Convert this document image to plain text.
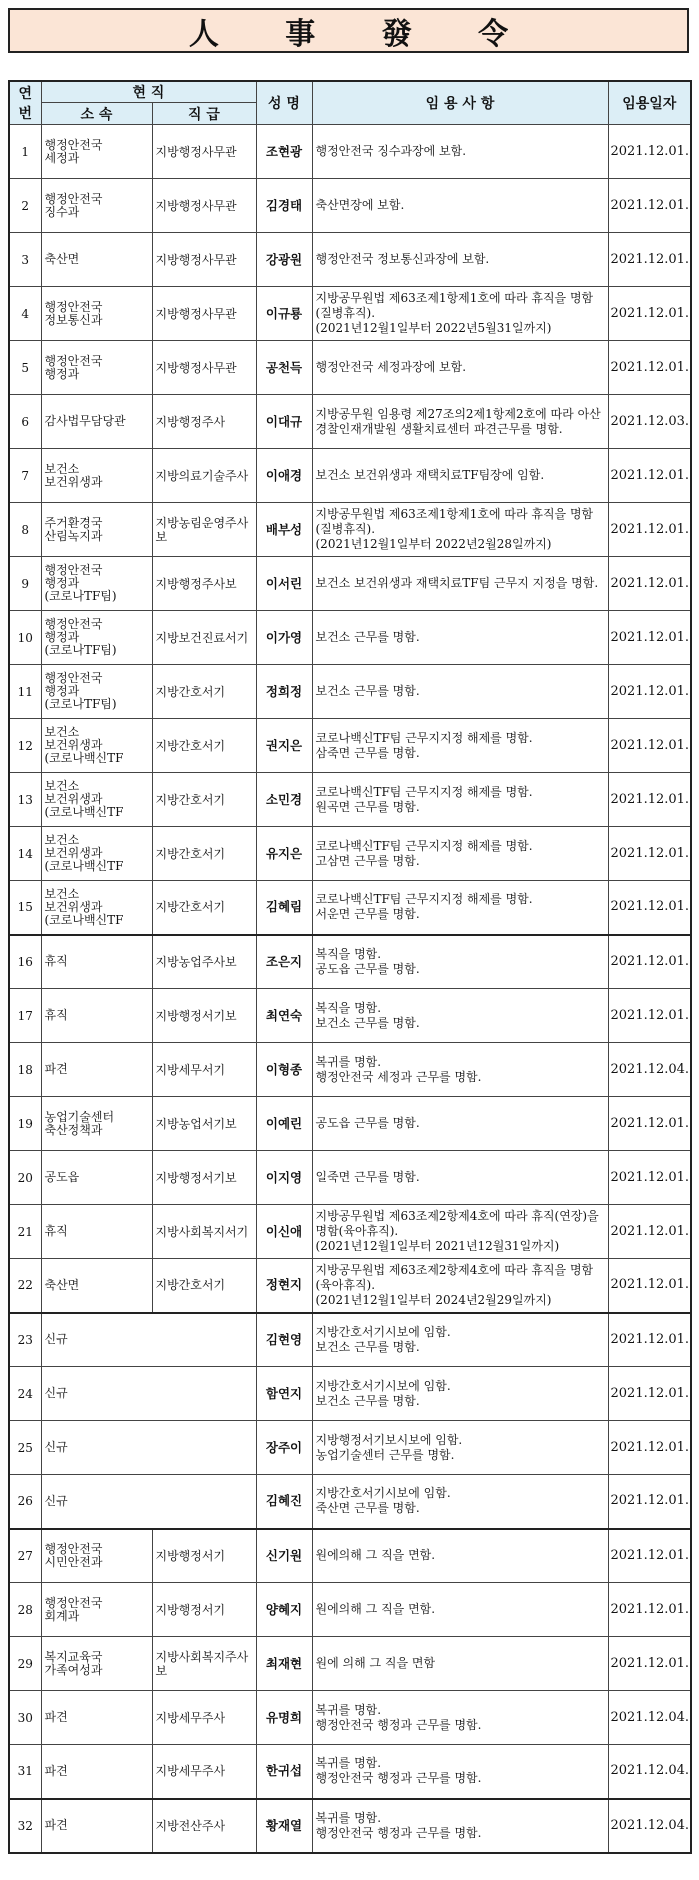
人 事 發 令
연번	현 직		성 명	임 용 사 항	임용일자
	소 속	직 급			
1	행정안전국
세정과	지방행정사무관	조현광	행정안전국 징수과장에 보함.	2021.12.01.
2	행정안전국
징수과	지방행정사무관	김경태	축산면장에 보함.	2021.12.01.
3	축산면	지방행정사무관	강광원	행정안전국 정보통신과장에 보함.	2021.12.01.
4	행정안전국
정보통신과	지방행정사무관	이규룡	지방공무원법 제63조제1항제1호에 따라 휴직을 명함(질병휴직).
(2021년12월1일부터 2022년5월31일까지)	2021.12.01.
5	행정안전국
행정과	지방행정사무관	공천득	행정안전국 세정과장에 보함.	2021.12.01.
6	감사법무담당관	지방행정주사	이대규	지방공무원 임용령 제27조의2제1항제2호에 따라 아산 경찰인재개발원 생활치료센터 파견근무를 명함.	2021.12.03.
7	보건소
보건위생과	지방의료기술주사	이애경	보건소 보건위생과 재택치료TF팀장에 임함.	2021.12.01.
8	주거환경국
산림녹지과	지방농림운영주사보	배부성	지방공무원법 제63조제1항제1호에 따라 휴직을 명함(질병휴직).
(2021년12월1일부터 2022년2월28일까지)	2021.12.01.
9	행정안전국
행정과
(코로나TF팀)	지방행정주사보	이서린	보건소 보건위생과 재택치료TF팀 근무지 지정을 명함.	2021.12.01.
10	행정안전국
행정과
(코로나TF팀)	지방보건진료서기	이가영	보건소 근무를 명함.	2021.12.01.
11	행정안전국
행정과
(코로나TF팀)	지방간호서기	정희정	보건소 근무를 명함.	2021.12.01.
12	보건소
보건위생과
(코로나백신TF	지방간호서기	권지은	코로나백신TF팀 근무지지정 해제를 명함.
삼죽면 근무를 명함.	2021.12.01.
13	보건소
보건위생과
(코로나백신TF	지방간호서기	소민경	코로나백신TF팀 근무지지정 해제를 명함.
원곡면 근무를 명함.	2021.12.01.
14	보건소
보건위생과
(코로나백신TF	지방간호서기	유지은	코로나백신TF팀 근무지지정 해제를 명함.
고삼면 근무를 명함.	2021.12.01.
15	보건소
보건위생과
(코로나백신TF	지방간호서기	김혜림	코로나백신TF팀 근무지지정 해제를 명함.
서운면 근무를 명함.	2021.12.01.
16	휴직	지방농업주사보	조은지	복직을 명함.
공도읍 근무를 명함.	2021.12.01.
17	휴직	지방행정서기보	최연숙	복직을 명함.
보건소 근무를 명함.	2021.12.01.
18	파견	지방세무서기	이형종	복귀를 명함.
행정안전국 세정과 근무를 명함.	2021.12.04.
19	농업기술센터
축산정책과	지방농업서기보	이예린	공도읍 근무를 명함.	2021.12.01.
20	공도읍	지방행정서기보	이지영	일죽면 근무를 명함.	2021.12.01.
21	휴직	지방사회복지서기	이신애	지방공무원법 제63조제2항제4호에 따라 휴직(연장)을 명함(육아휴직).
(2021년12월1일부터 2021년12월31일까지)	2021.12.01.
22	축산면	지방간호서기	정현지	지방공무원법 제63조제2항제4호에 따라 휴직을 명함(육아휴직).
(2021년12월1일부터 2024년2월29일까지)	2021.12.01.
23	신규		김현영	지방간호서기시보에 임함.
보건소 근무를 명함.	2021.12.01.
24	신규		함연지	지방간호서기시보에 임함.
보건소 근무를 명함.	2021.12.01.
25	신규		장주이	지방행정서기보시보에 임함.
농업기술센터 근무를 명함.	2021.12.01.
26	신규		김혜진	지방간호서기시보에 임함.
죽산면 근무를 명함.	2021.12.01.
27	행정안전국
시민안전과	지방행정서기	신기원	원에의해 그 직을 면함.	2021.12.01.
28	행정안전국
회계과	지방행정서기	양혜지	원에의해 그 직을 면함.	2021.12.01.
29	복지교육국
가족여성과	지방사회복지주사보	최재현	원에 의해 그 직을 면함	2021.12.01.
30	파견	지방세무주사	유명희	복귀를 명함.
행정안전국 행정과 근무를 명함.	2021.12.04.
31	파견	지방세무주사	한귀섭	복귀를 명함.
행정안전국 행정과 근무를 명함.	2021.12.04.
32	파견	지방전산주사	황재열	복귀를 명함.
행정안전국 행정과 근무를 명함.	2021.12.04.
